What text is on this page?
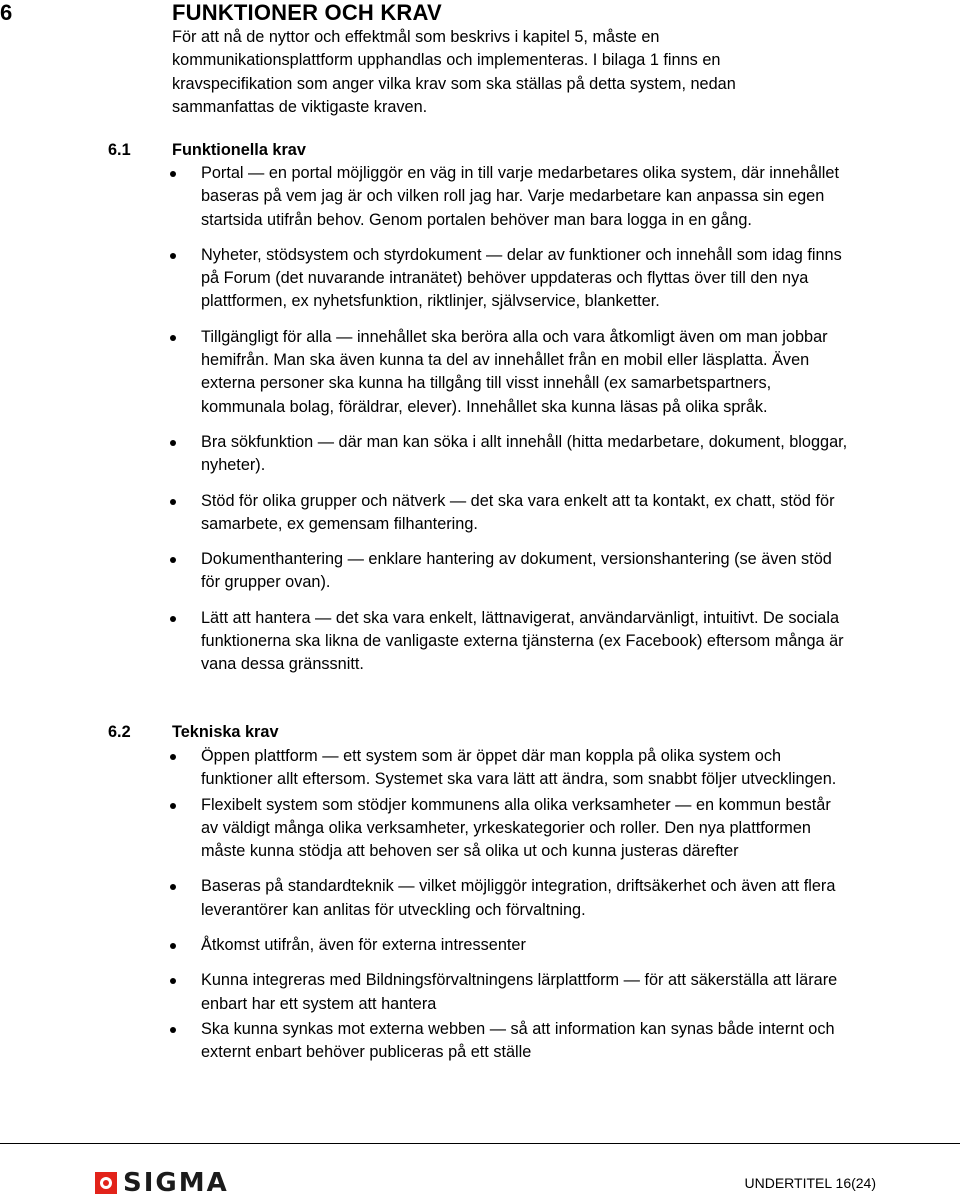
6	FUNKTIONER OCH KRAV
För att nå de nyttor och effektmål som beskrivs i kapitel 5, måste en kommunikationsplattform upphandlas och implementeras. I bilaga 1 finns en kravspecifikation som anger vilka krav som ska ställas på detta system, nedan sammanfattas de viktigaste kraven.
6.1	Funktionella krav
Portal — en portal möjliggör en väg in till varje medarbetares olika system, där innehållet baseras på vem jag är och vilken roll jag har. Varje medarbetare kan anpassa sin egen startsida utifrån behov. Genom portalen behöver man bara logga in en gång.
Nyheter, stödsystem och styrdokument — delar av funktioner och innehåll som idag finns på Forum (det nuvarande intranätet) behöver uppdateras och flyttas över till den nya plattformen, ex nyhetsfunktion, riktlinjer, självservice, blanketter.
Tillgängligt för alla — innehållet ska beröra alla och vara åtkomligt även om man jobbar hemifrån. Man ska även kunna ta del av innehållet från en mobil eller läsplatta. Även externa personer ska kunna ha tillgång till visst innehåll (ex samarbetspartners, kommunala bolag, föräldrar, elever). Innehållet ska kunna läsas på olika språk.
Bra sökfunktion — där man kan söka i allt innehåll (hitta medarbetare, dokument, bloggar, nyheter).
Stöd för olika grupper och nätverk — det ska vara enkelt att ta kontakt, ex chatt, stöd för samarbete, ex gemensam filhantering.
Dokumenthantering — enklare hantering av dokument, versionshantering (se även stöd för grupper ovan).
Lätt att hantera — det ska vara enkelt, lättnavigerat, användarvänligt, intuitivt. De sociala funktionerna ska likna de vanligaste externa tjänsterna (ex Facebook) eftersom många är vana dessa gränssnitt.
6.2	Tekniska krav
Öppen plattform — ett system som är öppet där man koppla på olika system och funktioner allt eftersom. Systemet ska vara lätt att ändra, som snabbt följer utvecklingen.
Flexibelt system som stödjer kommunens alla olika verksamheter — en kommun består av väldigt många olika verksamheter, yrkeskategorier och roller. Den nya plattformen måste kunna stödja att behoven ser så olika ut och kunna justeras därefter
Baseras på standardteknik — vilket möjliggör integration, driftsäkerhet och även att flera leverantörer kan anlitas för utveckling och förvaltning.
Åtkomst utifrån, även för externa intressenter
Kunna integreras med Bildningsförvaltningens lärplattform — för att säkerställa att lärare enbart har ett system att hantera
Ska kunna synkas mot externa webben — så att information kan synas både internt och externt enbart behöver publiceras på ett ställe
SIGMA	UNDERTITEL 16(24)
